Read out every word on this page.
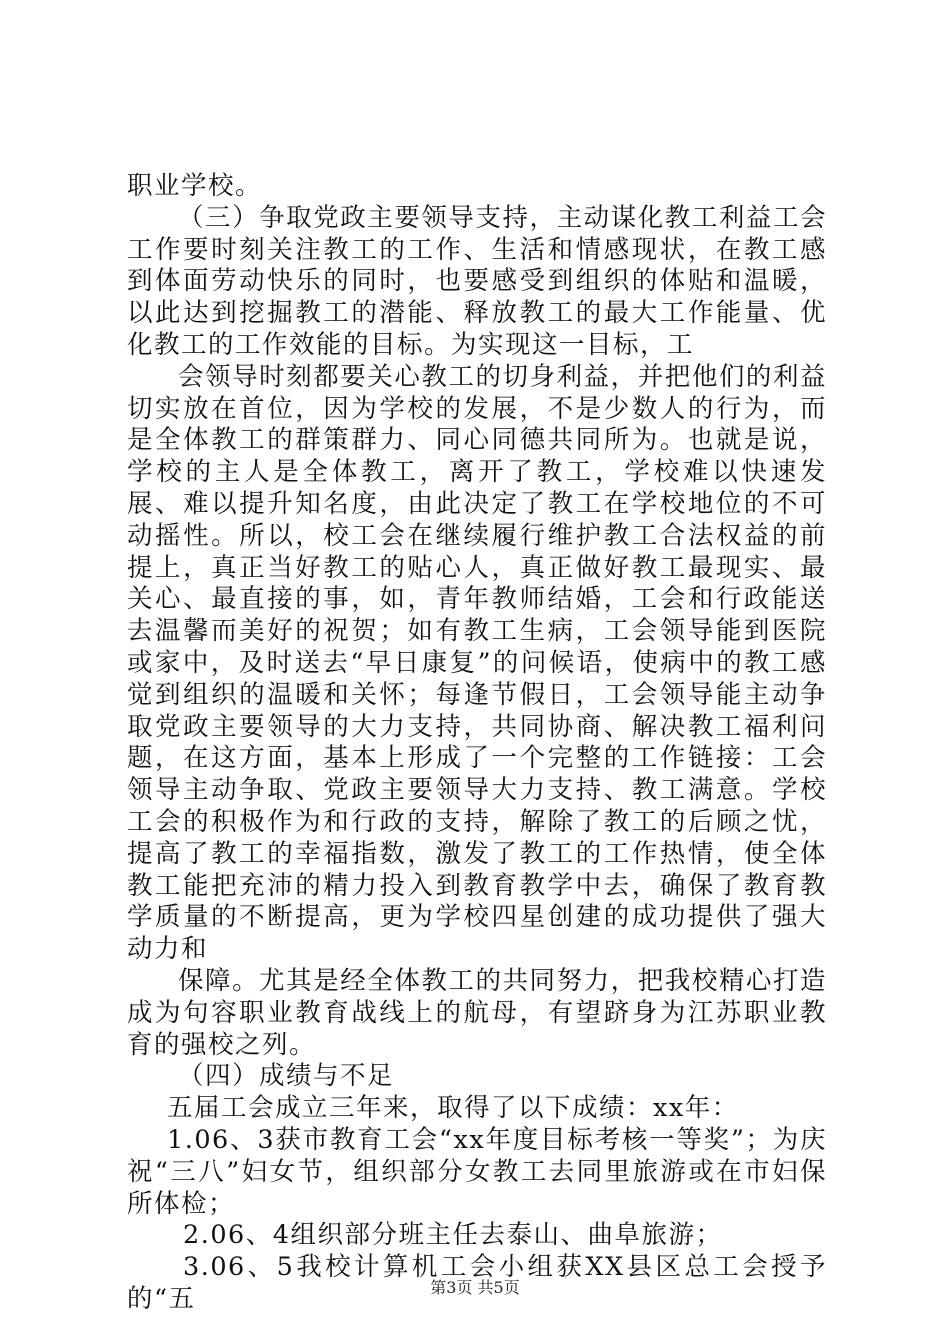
职业学校。

（三）争取党政主要领导支持，主动谋化教工利益工会工作要时刻关注教工的工作、生活和情感现状，在教工感到体面劳动快乐的同时，也要感受到组织的体贴和温暖，以此达到挖掘教工的潜能、释放教工的最大工作能量、优化教工的工作效能的目标。为实现这一目标，工

会领导时刻都要关心教工的切身利益，并把他们的利益切实放在首位，因为学校的发展，不是少数人的行为，而是全体教工的群策群力、同心同德共同所为。也就是说，学校的主人是全体教工，离开了教工，学校难以快速发展、难以提升知名度，由此决定了教工在学校地位的不可动摇性。所以，校工会在继续履行维护教工合法权益的前提上，真正当好教工的贴心人，真正做好教工最现实、最关心、最直接的事，如，青年教师结婚，工会和行政能送去温馨而美好的祝贺；如有教工生病，工会领导能到医院或家中，及时送去“早日康复”的问候语，使病中的教工感觉到组织的温暖和关怀；每逢节假日，工会领导能主动争取党政主要领导的大力支持，共同协商、解决教工福利问题，在这方面，基本上形成了一个完整的工作链接：工会领导主动争取、党政主要领导大力支持、教工满意。学校工会的积极作为和行政的支持，解除了教工的后顾之忧，提高了教工的幸福指数，激发了教工的工作热情，使全体教工能把充沛的精力投入到教育教学中去，确保了教育教学质量的不断提高，更为学校四星创建的成功提供了强大动力和

保障。尤其是经全体教工的共同努力，把我校精心打造成为句容职业教育战线上的航母，有望跻身为江苏职业教育的强校之列。

（四）成绩与不足

五届工会成立三年来，取得了以下成绩：xx年：

1.06、3获市教育工会“xx年度目标考核一等奖”；为庆祝“三八”妇女节，组织部分女教工去同里旅游或在市妇保所体检；

2.06、4组织部分班主任去泰山、曲阜旅游；

3.06、5我校计算机工会小组获XX县区总工会授予的“五	第3页 共5页
